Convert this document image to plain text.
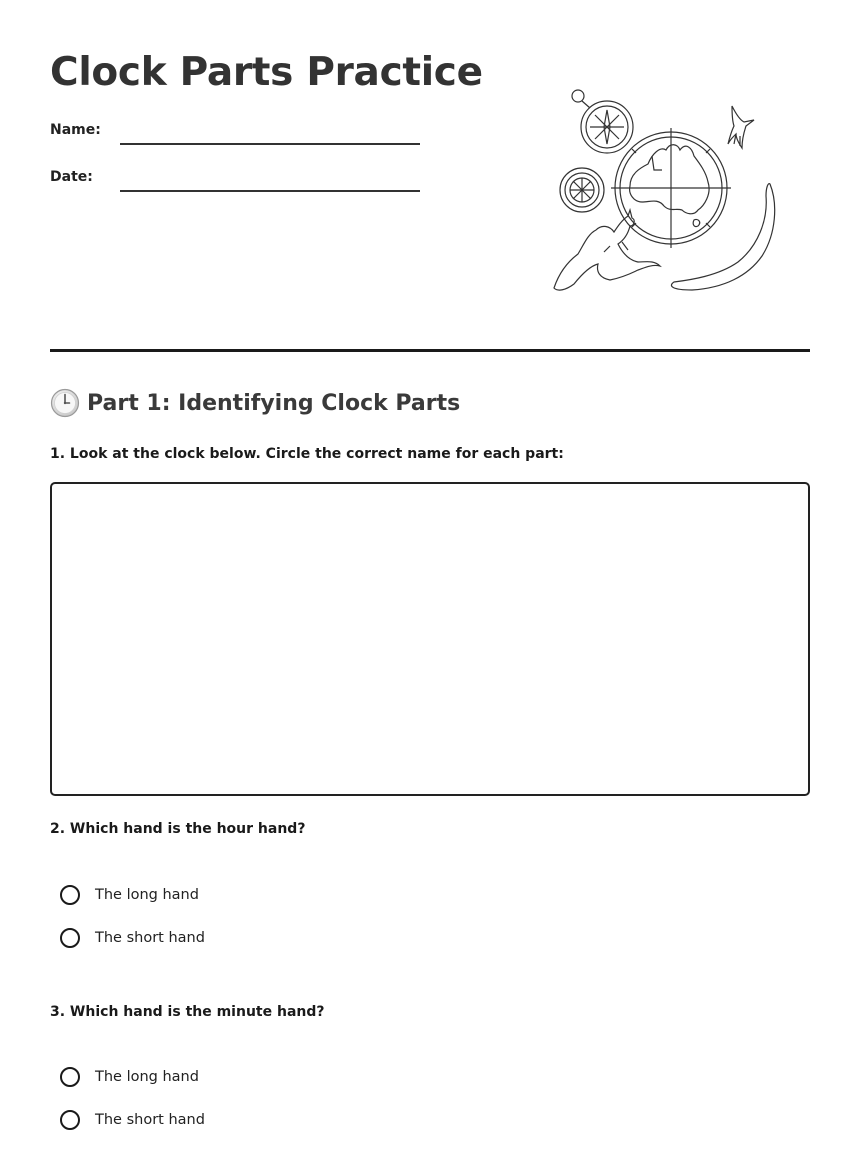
Clock Parts Practice
Name:
Date:
Part 1: Identifying Clock Parts
1. Look at the clock below. Circle the correct name for each part:
2. Which hand is the hour hand?
The long hand
The short hand
3. Which hand is the minute hand?
The long hand
The short hand
